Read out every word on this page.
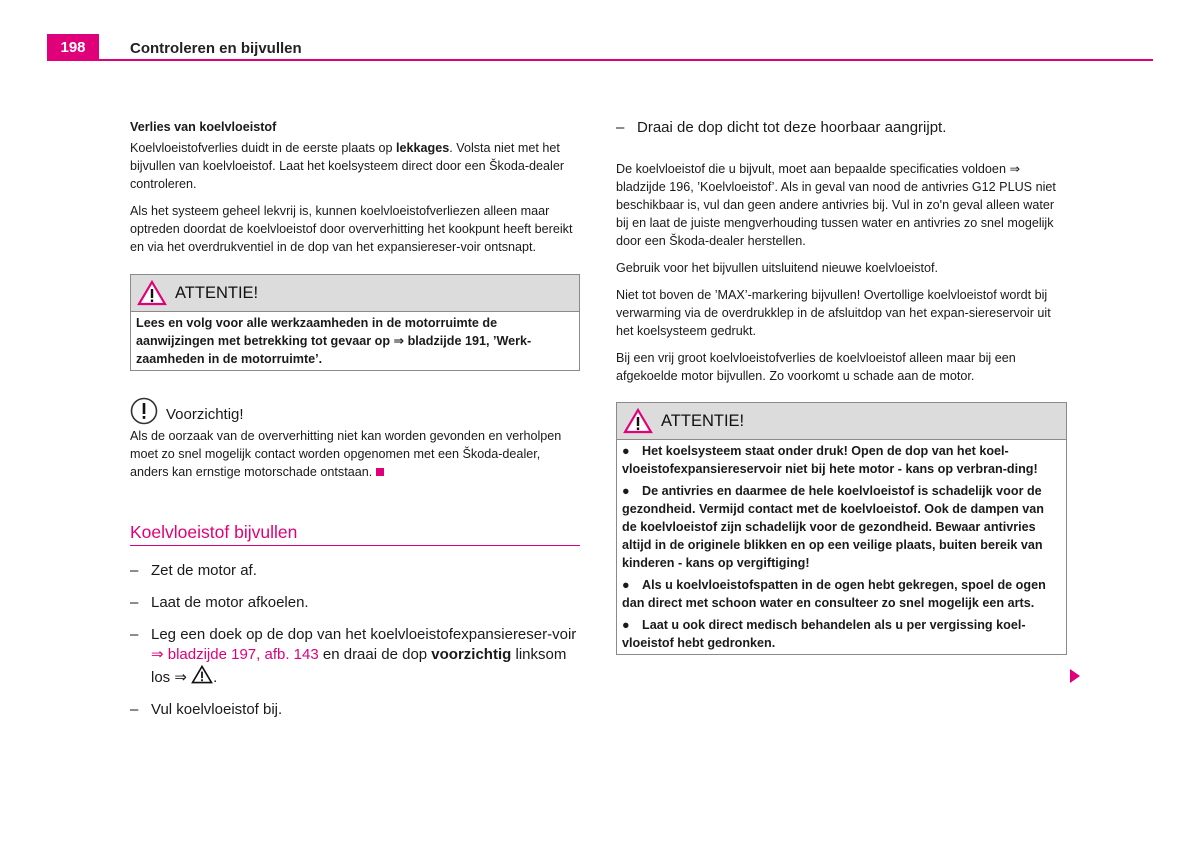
198	Controleren en bijvullen

Verlies van koelvloeistof

Koelvloeistofverlies duidt in de eerste plaats op lekkages. Volsta niet met het bijvullen van koelvloeistof. Laat het koelsysteem direct door een Škoda-dealer controleren.

Als het systeem geheel lekvrij is, kunnen koelvloeistofverliezen alleen maar optreden doordat de koelvloeistof door oververhitting het kookpunt heeft bereikt en via het overdrukventiel in de dop van het expansiereser-voir ontsnapt.

ATTENTIE!
Lees en volg voor alle werkzaamheden in de motorruimte de aanwijzingen met betrekking tot gevaar op ⇒ bladzijde 191, ’Werk-zaamheden in de motorruimte’.
Voorzichtig!

Als de oorzaak van de oververhitting niet kan worden gevonden en verholpen moet zo snel mogelijk contact worden opgenomen met een Škoda-dealer, anders kan ernstige motorschade ontstaan.

Koelvloeistof bijvullen
– Zet de motor af.
– Laat de motor afkoelen.
– Leg een doek op de dop van het koelvloeistofexpansiereser-voir ⇒ bladzijde 197, afb. 143 en draai de dop voorzichtig linksom los ⇒ .
– Vul koelvloeistof bij.
– Draai de dop dicht tot deze hoorbaar aangrijpt.

De koelvloeistof die u bijvult, moet aan bepaalde specificaties voldoen ⇒ bladzijde 196, ’Koelvloeistof’. Als in geval van nood de antivries G12 PLUS niet beschikbaar is, vul dan geen andere antivries bij. Vul in zo'n geval alleen water bij en laat de juiste mengverhouding tussen water en antivries zo snel mogelijk door een Škoda-dealer herstellen.

Gebruik voor het bijvullen uitsluitend nieuwe koelvloeistof.

Niet tot boven de ’MAX’-markering bijvullen! Overtollige koelvloeistof wordt bij verwarming via de overdrukklep in de afsluitdop van het expan-siereservoir uit het koelsysteem gedrukt.

Bij een vrij groot koelvloeistofverlies de koelvloeistof alleen maar bij een afgekoelde motor bijvullen. Zo voorkomt u schade aan de motor.

ATTENTIE!
● Het koelsysteem staat onder druk! Open de dop van het koel-vloeistofexpansiereservoir niet bij hete motor - kans op verbran-ding!
● De antivries en daarmee de hele koelvloeistof is schadelijk voor de gezondheid. Vermijd contact met de koelvloeistof. Ook de dampen van de koelvloeistof zijn schadelijk voor de gezondheid. Bewaar antivries altijd in de originele blikken en op een veilige plaats, buiten bereik van kinderen - kans op vergiftiging!
● Als u koelvloeistofspatten in de ogen hebt gekregen, spoel de ogen dan direct met schoon water en consulteer zo snel mogelijk een arts.
● Laat u ook direct medisch behandelen als u per vergissing koel-vloeistof hebt gedronken.
